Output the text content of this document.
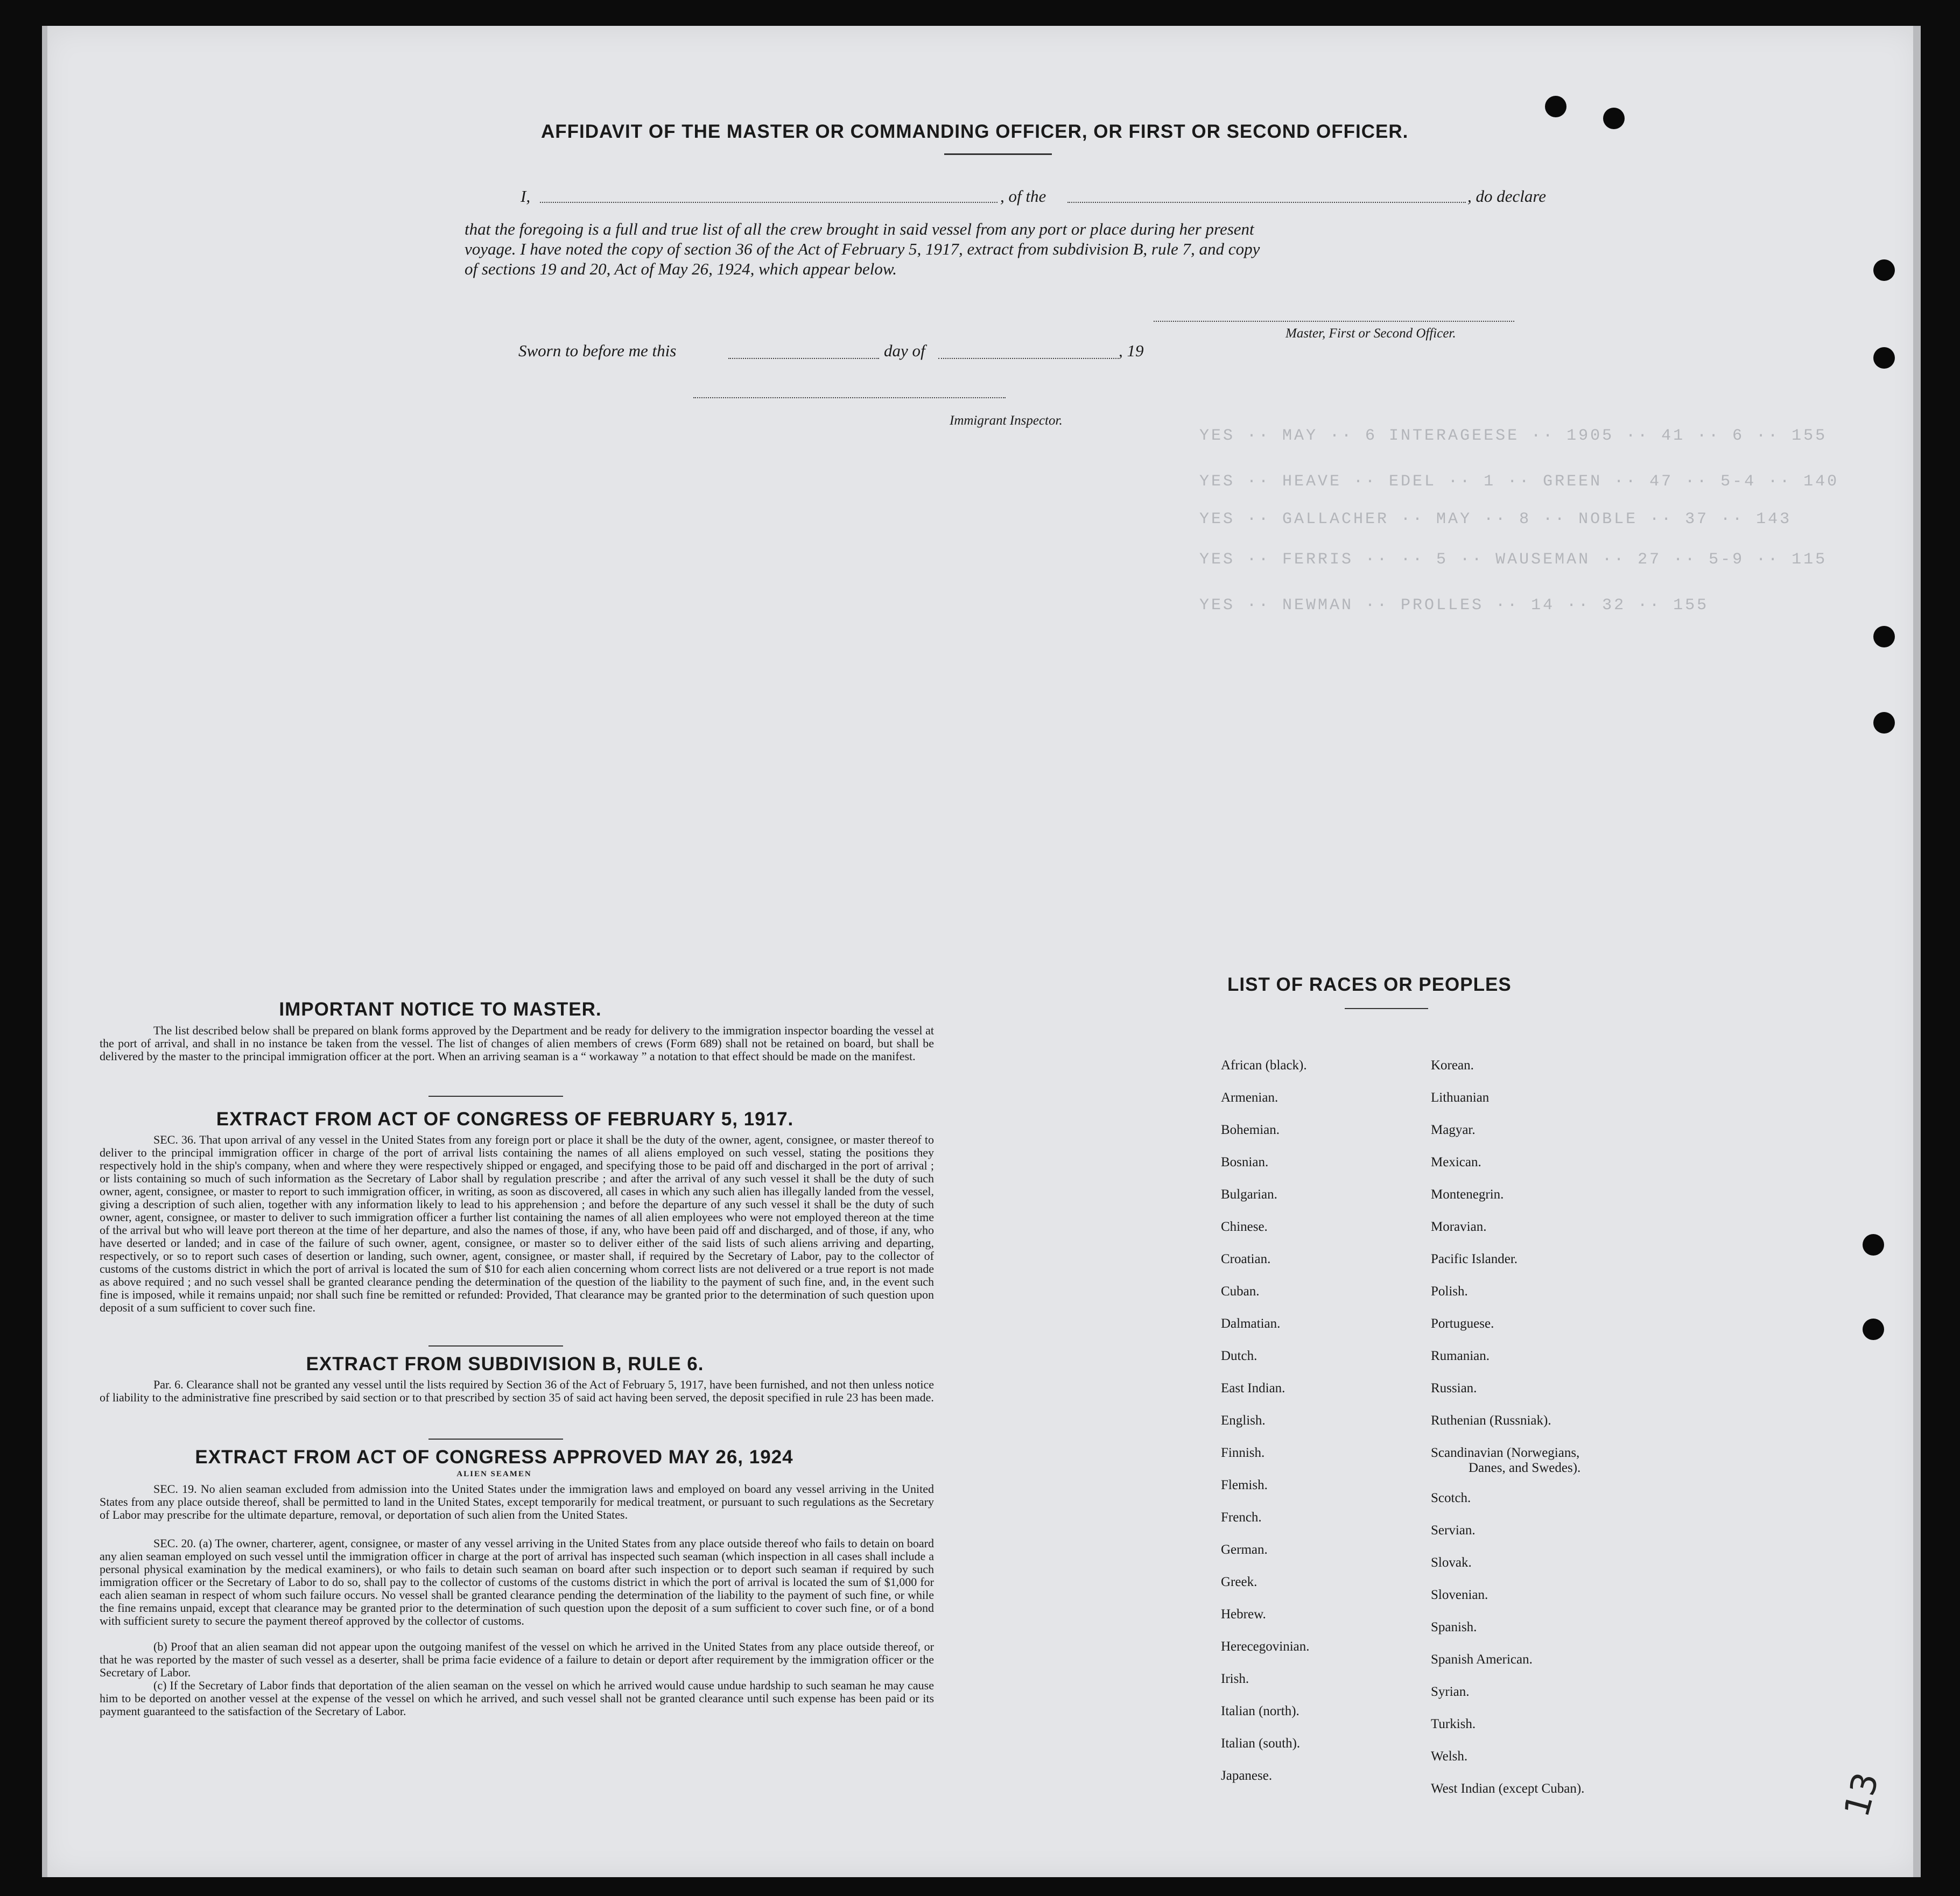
YES ·· MAY ·· 6 INTERAGEESE ·· 1905 ·· 41 ·· 6 ·· 155
YES ·· HEAVE ·· EDEL ·· 1 ·· GREEN ·· 47 ·· 5-4 ·· 140
YES ·· GALLACHER ·· MAY ·· 8 ·· NOBLE ·· 37 ·· 143
YES ·· FERRIS ·· ·· 5 ·· WAUSEMAN ·· 27 ·· 5-9 ·· 115
YES ·· NEWMAN ·· PROLLES ·· 14 ·· 32 ·· 155
AFFIDAVIT OF THE MASTER OR COMMANDING OFFICER, OR FIRST OR SECOND OFFICER.
I,	, of the	, do declare
that the foregoing is a full and true list of all the crew brought in said vessel from any port or place during her present
voyage. I have noted the copy of section 36 of the Act of February 5, 1917, extract from subdivision B, rule 7, and copy
of sections 19 and 20, Act of May 26, 1924, which appear below.
Master, First or Second Officer.
Sworn to before me this	day of	, 19
Immigrant Inspector.
IMPORTANT NOTICE TO MASTER.
The list described below shall be prepared on blank forms approved by the Department and be ready for delivery to the immigration inspector boarding the vessel at the port of arrival, and shall in no instance be taken from the vessel. The list of changes of alien members of crews (Form 689) shall not be retained on board, but shall be delivered by the master to the principal immigration officer at the port. When an arriving seaman is a “ workaway ” a notation to that effect should be made on the manifest.
EXTRACT FROM ACT OF CONGRESS OF FEBRUARY 5, 1917.
SEC. 36. That upon arrival of any vessel in the United States from any foreign port or place it shall be the duty of the owner, agent, consignee, or master thereof to deliver to the principal immigration officer in charge of the port of arrival lists containing the names of all aliens employed on such vessel, stating the positions they respectively hold in the ship's company, when and where they were respectively shipped or engaged, and specifying those to be paid off and discharged in the port of arrival ; or lists containing so much of such information as the Secretary of Labor shall by regulation prescribe ; and after the arrival of any such vessel it shall be the duty of such owner, agent, consignee, or master to report to such immigration officer, in writing, as soon as discovered, all cases in which any such alien has illegally landed from the vessel, giving a description of such alien, together with any information likely to lead to his apprehension ; and before the departure of any such vessel it shall be the duty of such owner, agent, consignee, or master to deliver to such immigration officer a further list containing the names of all alien employees who were not employed thereon at the time of the arrival but who will leave port thereon at the time of her departure, and also the names of those, if any, who have been paid off and discharged, and of those, if any, who have deserted or landed; and in case of the failure of such owner, agent, consignee, or master so to deliver either of the said lists of such aliens arriving and departing, respectively, or so to report such cases of desertion or landing, such owner, agent, consignee, or master shall, if required by the Secretary of Labor, pay to the collector of customs of the customs district in which the port of arrival is located the sum of $10 for each alien concerning whom correct lists are not delivered or a true report is not made as above required ; and no such vessel shall be granted clearance pending the determination of the question of the liability to the payment of such fine, and, in the event such fine is imposed, while it remains unpaid; nor shall such fine be remitted or refunded: Provided, That clearance may be granted prior to the determination of such question upon deposit of a sum sufficient to cover such fine.
EXTRACT FROM SUBDIVISION B, RULE 6.
Par. 6. Clearance shall not be granted any vessel until the lists required by Section 36 of the Act of February 5, 1917, have been furnished, and not then unless notice of liability to the administrative fine prescribed by said section or to that prescribed by section 35 of said act having been served, the deposit specified in rule 23 has been made.
EXTRACT FROM ACT OF CONGRESS APPROVED MAY 26, 1924
ALIEN SEAMEN
SEC. 19. No alien seaman excluded from admission into the United States under the immigration laws and employed on board any vessel arriving in the United States from any place outside thereof, shall be permitted to land in the United States, except temporarily for medical treatment, or pursuant to such regulations as the Secretary of Labor may prescribe for the ultimate departure, removal, or deportation of such alien from the United States.
SEC. 20. (a) The owner, charterer, agent, consignee, or master of any vessel arriving in the United States from any place outside thereof who fails to detain on board any alien seaman employed on such vessel until the immigration officer in charge at the port of arrival has inspected such seaman (which inspection in all cases shall include a personal physical examination by the medical examiners), or who fails to detain such seaman on board after such inspection or to deport such seaman if required by such immigration officer or the Secretary of Labor to do so, shall pay to the collector of customs of the customs district in which the port of arrival is located the sum of $1,000 for each alien seaman in respect of whom such failure occurs. No vessel shall be granted clearance pending the determination of the liability to the payment of such fine, or while the fine remains unpaid, except that clearance may be granted prior to the determination of such question upon the deposit of a sum sufficient to cover such fine, or of a bond with sufficient surety to secure the payment thereof approved by the collector of customs.
(b) Proof that an alien seaman did not appear upon the outgoing manifest of the vessel on which he arrived in the United States from any place outside thereof, or that he was reported by the master of such vessel as a deserter, shall be prima facie evidence of a failure to detain or deport after requirement by the immigration officer or the Secretary of Labor.
(c) If the Secretary of Labor finds that deportation of the alien seaman on the vessel on which he arrived would cause undue hardship to such seaman he may cause him to be deported on another vessel at the expense of the vessel on which he arrived, and such vessel shall not be granted clearance until such expense has been paid or its payment guaranteed to the satisfaction of the Secretary of Labor.
LIST OF RACES OR PEOPLES
African (black).
Armenian.
Bohemian.
Bosnian.
Bulgarian.
Chinese.
Croatian.
Cuban.
Dalmatian.
Dutch.
East Indian.
English.
Finnish.
Flemish.
French.
German.
Greek.
Hebrew.
Herecegovinian.
Irish.
Italian (north).
Italian (south).
Japanese.
Korean.
Lithuanian
Magyar.
Mexican.
Montenegrin.
Moravian.
Pacific Islander.
Polish.
Portuguese.
Rumanian.
Russian.
Ruthenian (Russniak).
Scandinavian (Norwegians,
Danes, and Swedes).
Scotch.
Servian.
Slovak.
Slovenian.
Spanish.
Spanish American.
Syrian.
Turkish.
Welsh.
West Indian (except Cuban).	13
